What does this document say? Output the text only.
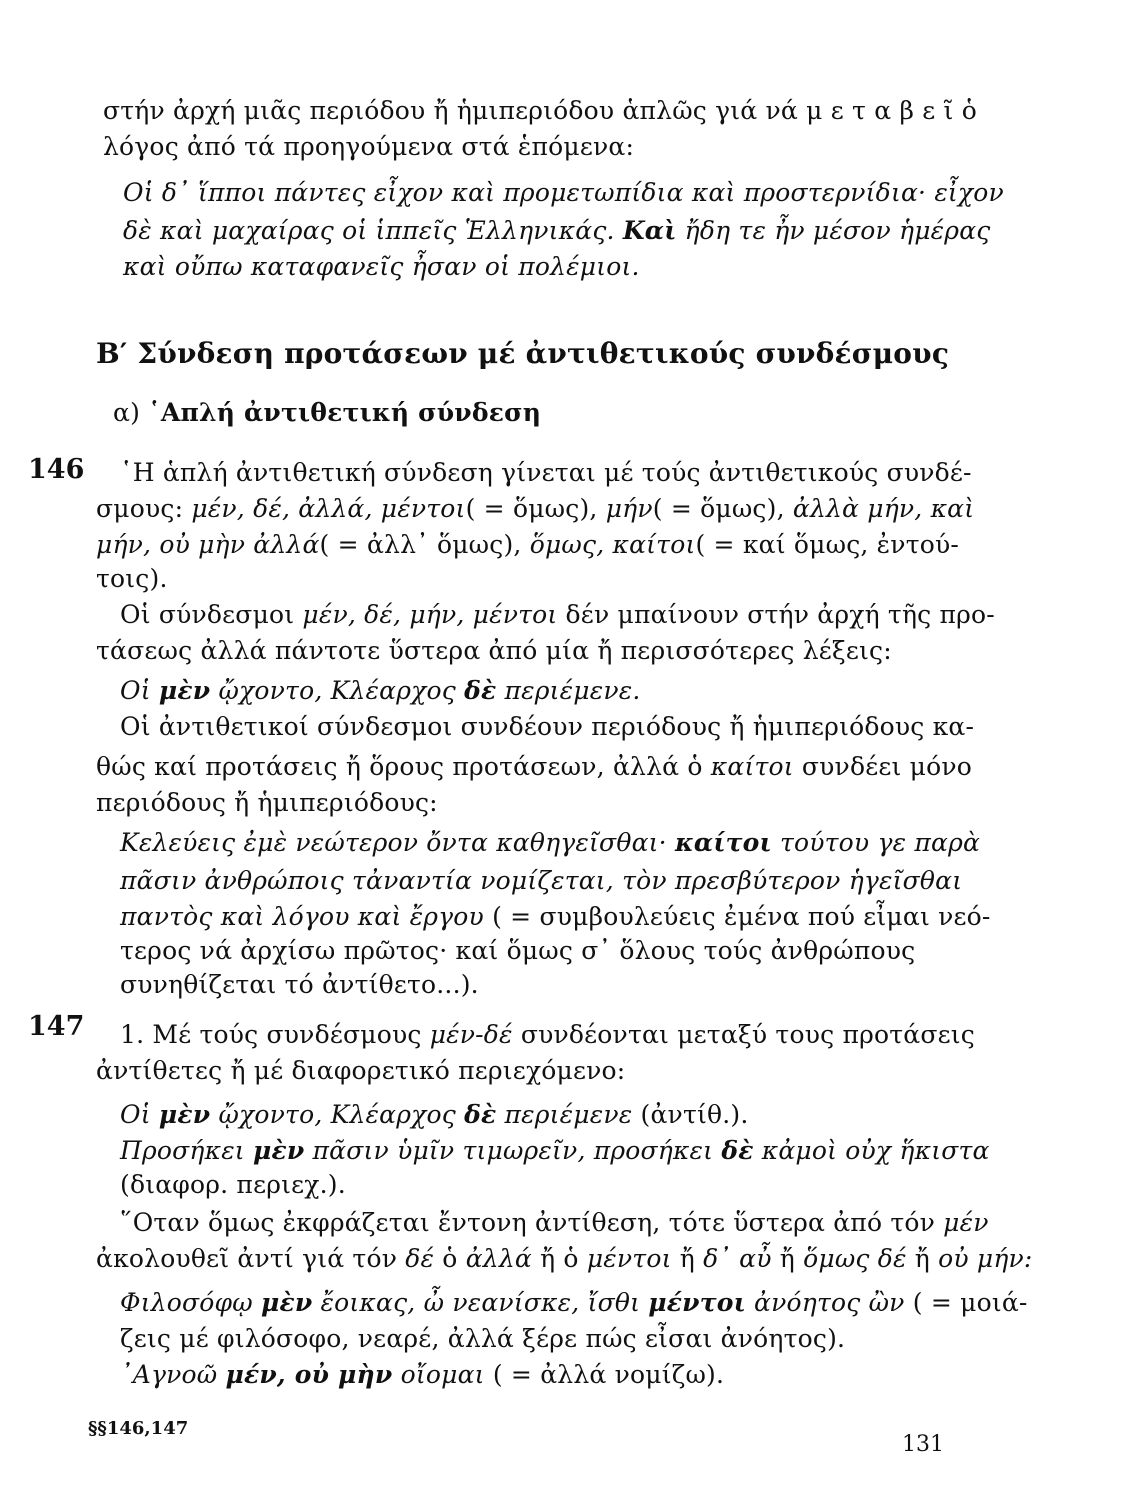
στήν ἀρχή μιᾶς περιόδου ἤ ἡμιπεριόδου ἁπλῶς γιά νά μ ε τ α β ε ῖ ὁ
λόγος ἀπό τά προηγούμενα στά ἑπόμενα:
Οἱ δ᾽ ἵπποι πάντες εἶχον καὶ προμετωπίδια καὶ προστερνίδια· εἶχον
δὲ καὶ μαχαίρας οἱ ἱππεῖς Ἑλληνικάς. Καὶ ἤδη τε ἦν μέσον ἡμέρας
καὶ οὔπω καταφανεῖς ἦσαν οἱ πολέμιοι.
Β′ Σύνδεση προτάσεων μέ ἀντιθετικούς συνδέσμους
α) ῾Απλή ἀντιθετική σύνδεση
146 ῾Η ἁπλή ἀντιθετική σύνδεση γίνεται μέ τούς ἀντιθετικούς συνδέ-
σμους: μέν, δέ, ἀλλά, μέντοι( = ὅμως), μήν( = ὅμως), ἀλλὰ μήν, καὶ
μήν, οὐ μὴν ἀλλά( = ἀλλ᾽ ὅμως), ὅμως, καίτοι( = καί ὅμως, ἐντού-
τοις).
Οἱ σύνδεσμοι μέν, δέ, μήν, μέντοι δέν μπαίνουν στήν ἀρχή τῆς προ-
τάσεως ἀλλά πάντοτε ὕστερα ἀπό μία ἤ περισσότερες λέξεις:
Οἱ μὲν ᾤχοντο, Κλέαρχος δὲ περιέμενε.
Οἱ ἀντιθετικοί σύνδεσμοι συνδέουν περιόδους ἤ ἡμιπεριόδους κα-
θώς καί προτάσεις ἤ ὅρους προτάσεων, ἀλλά ὁ καίτοι συνδέει μόνο
περιόδους ἤ ἡμιπεριόδους:
Κελεύεις ἐμὲ νεώτερον ὄντα καθηγεῖσθαι· καίτοι τούτου γε παρὰ
πᾶσιν ἀνθρώποις τἀναντία νομίζεται, τὸν πρεσβύτερον ἡγεῖσθαι
παντὸς καὶ λόγου καὶ ἔργου ( = συμβουλεύεις ἐμένα πού εἶμαι νεό-
τερος νά ἀρχίσω πρῶτος· καί ὅμως σ᾽ ὅλους τούς ἀνθρώπους
συνηθίζεται τό ἀντίθετο...).
147 1. Μέ τούς συνδέσμους μέν-δέ συνδέονται μεταξύ τους προτάσεις
ἀντίθετες ἤ μέ διαφορετικό περιεχόμενο:
Οἱ μὲν ᾤχοντο, Κλέαρχος δὲ περιέμενε (ἀντίθ.).
Προσήκει μὲν πᾶσιν ὑμῖν τιμωρεῖν, προσήκει δὲ κἀμοὶ οὐχ ἥκιστα
(διαφορ. περιεχ.).
῞Οταν ὅμως ἐκφράζεται ἔντονη ἀντίθεση, τότε ὕστερα ἀπό τόν μέν
ἀκολουθεῖ ἀντί γιά τόν δέ ὁ ἀλλά ἤ ὁ μέντοι ἤ δ᾽ αὖ ἤ ὅμως δέ ἤ οὐ μήν:
Φιλοσόφῳ μὲν ἔοικας, ὦ νεανίσκε, ἴσθι μέντοι ἀνόητος ὢν ( = μοιά-
ζεις μέ φιλόσοφο, νεαρέ, ἀλλά ξέρε πώς εἶσαι ἀνόητος).
᾿Αγνοῶ μέν, οὐ μὴν οἴομαι ( = ἀλλά νομίζω).
§§146,147
131
